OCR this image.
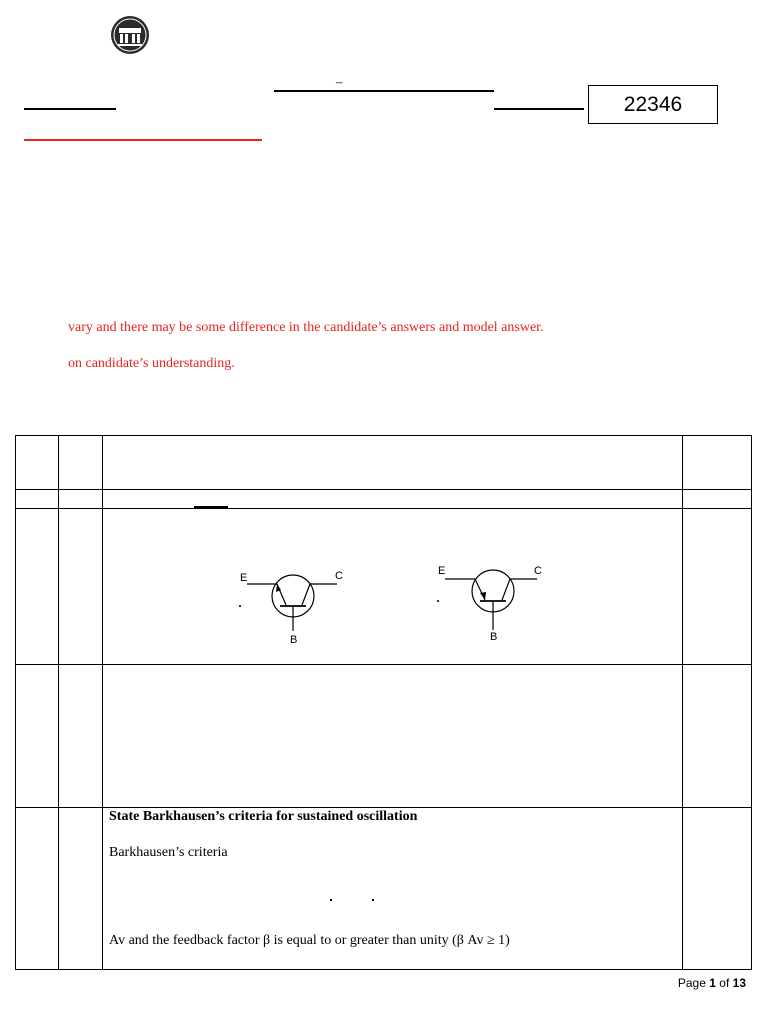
–
22346
vary and there may be some difference in the candidate’s answers and model answer.
on candidate’s understanding.
E	C
B
E	C
B
State Barkhausen’s criteria for sustained oscillation
Barkhausen’s criteria
Av and the feedback factor β is equal to or greater than unity (β Av ≥ 1)
Page 1 of 13
